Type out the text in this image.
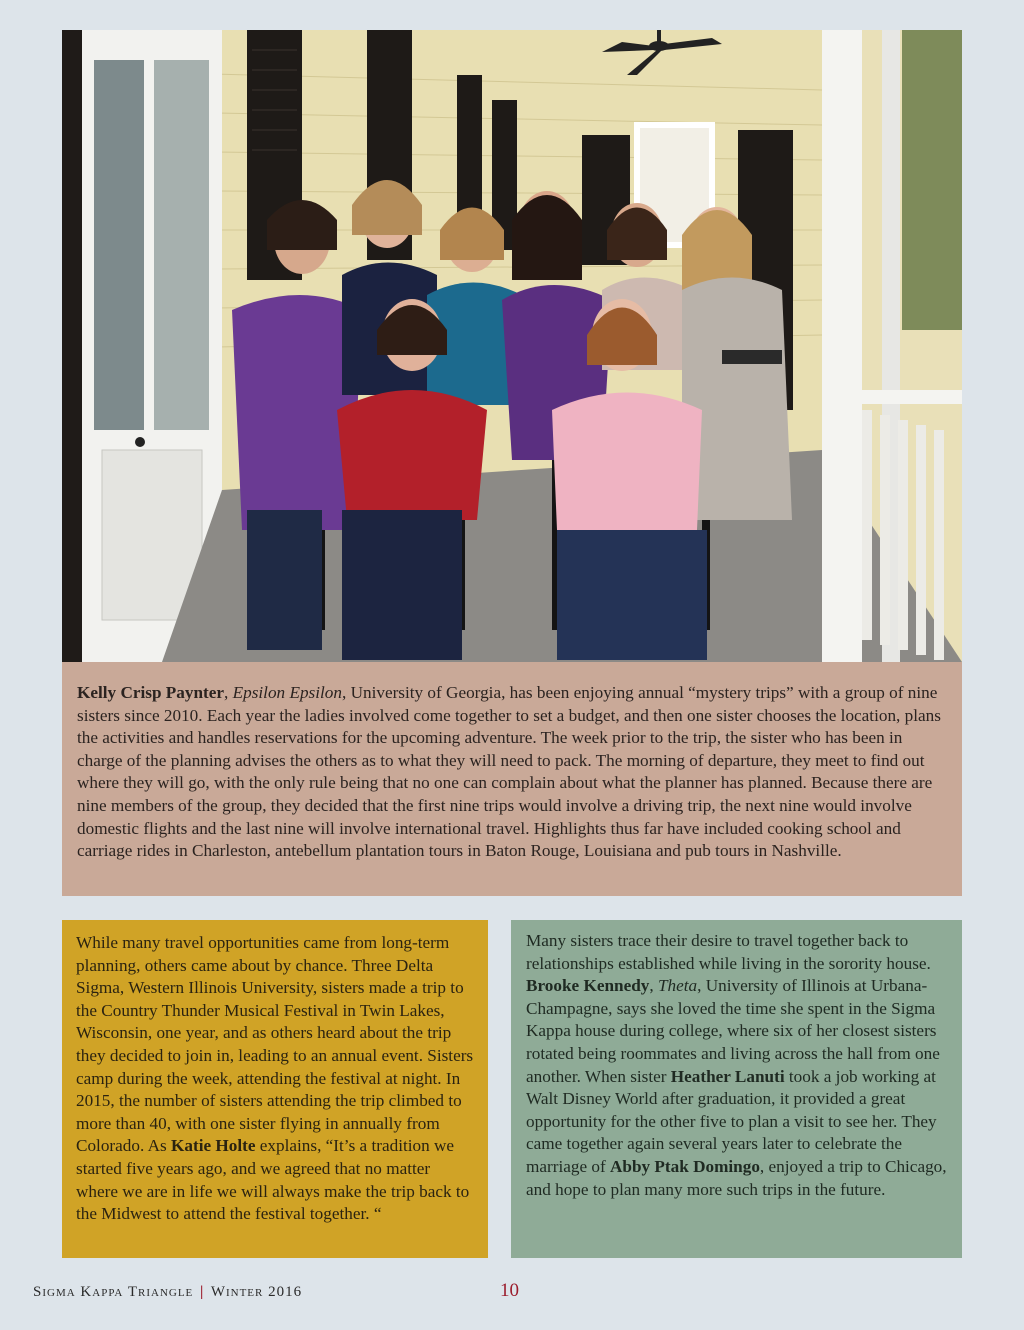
Kelly Crisp Paynter, Epsilon Epsilon, University of Georgia, has been enjoying annual “mystery trips” with a group of nine sisters since 2010. Each year the ladies involved come together to set a budget, and then one sister chooses the location, plans the activities and handles reservations for the upcoming adventure. The week prior to the trip, the sister who has been in charge of the planning advises the others as to what they will need to pack. The morning of departure, they meet to find out where they will go, with the only rule being that no one can complain about what the planner has planned. Because there are nine members of the group, they decided that the first nine trips would involve a driving trip, the next nine would involve domestic flights and the last nine will involve international travel. Highlights thus far have included cooking school and carriage rides in Charleston, antebellum plantation tours in Baton Rouge, Louisiana and pub tours in Nashville.
While many travel opportunities came from long-term planning, others came about by chance. Three Delta Sigma, Western Illinois University, sisters made a trip to the Country Thunder Musical Festival in Twin Lakes, Wisconsin, one year, and as others heard about the trip they decided to join in, leading to an annual event. Sisters camp during the week, attending the festival at night. In 2015, the number of sisters attending the trip climbed to more than 40, with one sister flying in annually from Colorado. As Katie Holte explains, “It’s a tradition we started five years ago, and we agreed that no matter where we are in life we will always make the trip back to the Midwest to attend the festival together. “
Many sisters trace their desire to travel together back to relationships established while living in the sorority house. Brooke Kennedy, Theta, University of Illinois at Urbana-Champagne, says she loved the time she spent in the Sigma Kappa house during college, where six of her closest sisters rotated being roommates and living across the hall from one another. When sister Heather Lanuti took a job working at Walt Disney World after graduation, it provided a great opportunity for the other five to plan a visit to see her. They came together again several years later to celebrate the marriage of Abby Ptak Domingo, enjoyed a trip to Chicago, and hope to plan many more such trips in the future.
Sigma Kappa Triangle | Winter 2016	10
